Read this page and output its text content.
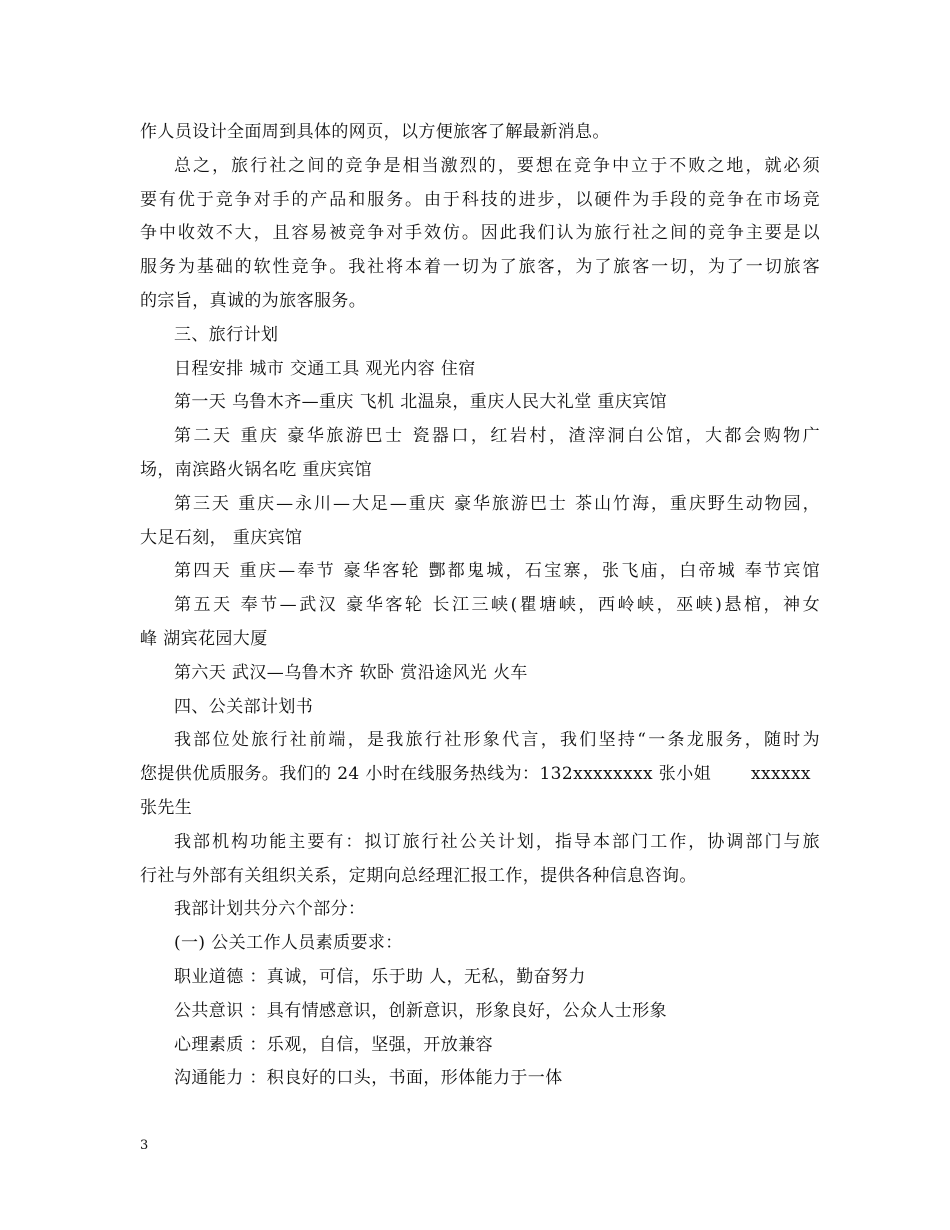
作人员设计全面周到具体的网页，以方便旅客了解最新消息。
总之，旅行社之间的竞争是相当激烈的，要想在竞争中立于不败之地，就必须
要有优于竞争对手的产品和服务。由于科技的进步，以硬件为手段的竞争在市场竞
争中收效不大，且容易被竞争对手效仿。因此我们认为旅行社之间的竞争主要是以
服务为基础的软性竞争。我社将本着一切为了旅客，为了旅客一切，为了一切旅客
的宗旨，真诚的为旅客服务。
三、旅行计划
日程安排 城市 交通工具 观光内容 住宿
第一天 乌鲁木齐—重庆 飞机 北温泉，重庆人民大礼堂 重庆宾馆
第二天 重庆 豪华旅游巴士 瓷器口，红岩村，渣滓洞白公馆，大都会购物广
场，南滨路火锅名吃 重庆宾馆
第三天 重庆—永川—大足—重庆 豪华旅游巴士 茶山竹海，重庆野生动物园，
大足石刻， 重庆宾馆
第四天 重庆—奉节 豪华客轮 酆都鬼城，石宝寨，张飞庙，白帝城 奉节宾馆
第五天 奉节—武汉 豪华客轮 长江三峡(瞿塘峡，西岭峡，巫峡)悬棺，神女
峰 湖宾花园大厦
第六天 武汉—乌鲁木齐 软卧 赏沿途风光 火车
四、公关部计划书
我部位处旅行社前端，是我旅行社形象代言，我们坚持“一条龙服务，随时为
您提供优质服务。我们的 24 小时在线服务热线为：132xxxxxxxx 张小姐 xxxxxx
张先生
我部机构功能主要有：拟订旅行社公关计划，指导本部门工作，协调部门与旅
行社与外部有关组织关系，定期向总经理汇报工作，提供各种信息咨询。
我部计划共分六个部分：
(一) 公关工作人员素质要求：
职业道德 ：真诚，可信，乐于助 人，无私，勤奋努力
公共意识 ：具有情感意识，创新意识，形象良好，公众人士形象
心理素质 ：乐观，自信，坚强，开放兼容
沟通能力 ：积良好的口头，书面，形体能力于一体
3
